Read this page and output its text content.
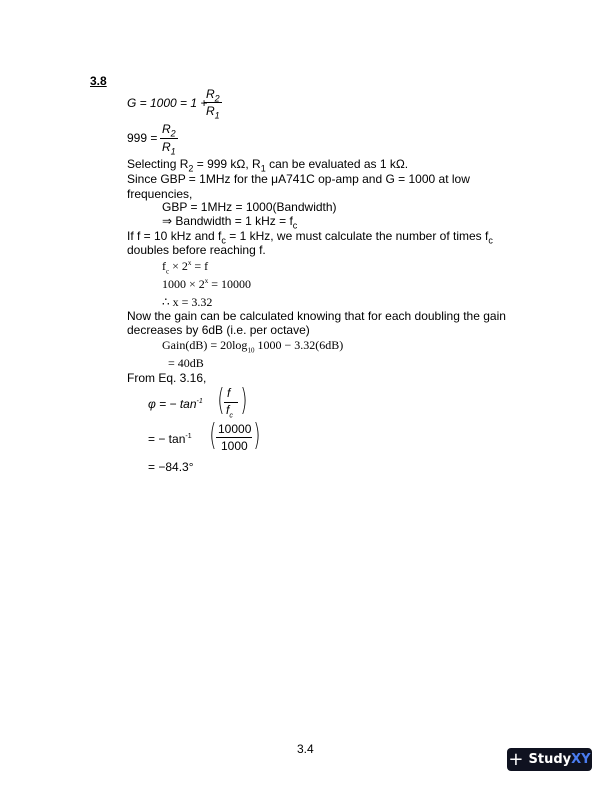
3.8
G = 1000 = 1 +
$R_2$
$R_1$
999 =
$R_2$
$R_1$
Selecting $R_2 = 999$ kΩ, $R_1$ can be evaluated as 1 kΩ.
Since GBP = 1MHz for the μA741C op-amp and G = 1000 at low
frequencies,
GBP = 1MHz = 1000(Bandwidth)
⇒ Bandwidth = 1 kHz = $f_c$
If f = 10 kHz and $f_c = 1$ kHz, we must calculate the number of times $f_c$
doubles before reaching f.
$f_c \times 2^x = f$
$1000 \times 2^x = 10000$
∴ x = 3.32
Now the gain can be calculated knowing that for each doubling the gain
decreases by 6dB (i.e. per octave)
Gain(dB) = $20\log_{10}$ 1000 − 3.32(6dB)
= 40dB
From Eq. 3.16,
φ = − $\tan^{-1}$ ( f
$f_c$ )
= − $\tan^{-1}$ ( 10000
1000 )
= −84.3°
3.4	+ StudyXY
